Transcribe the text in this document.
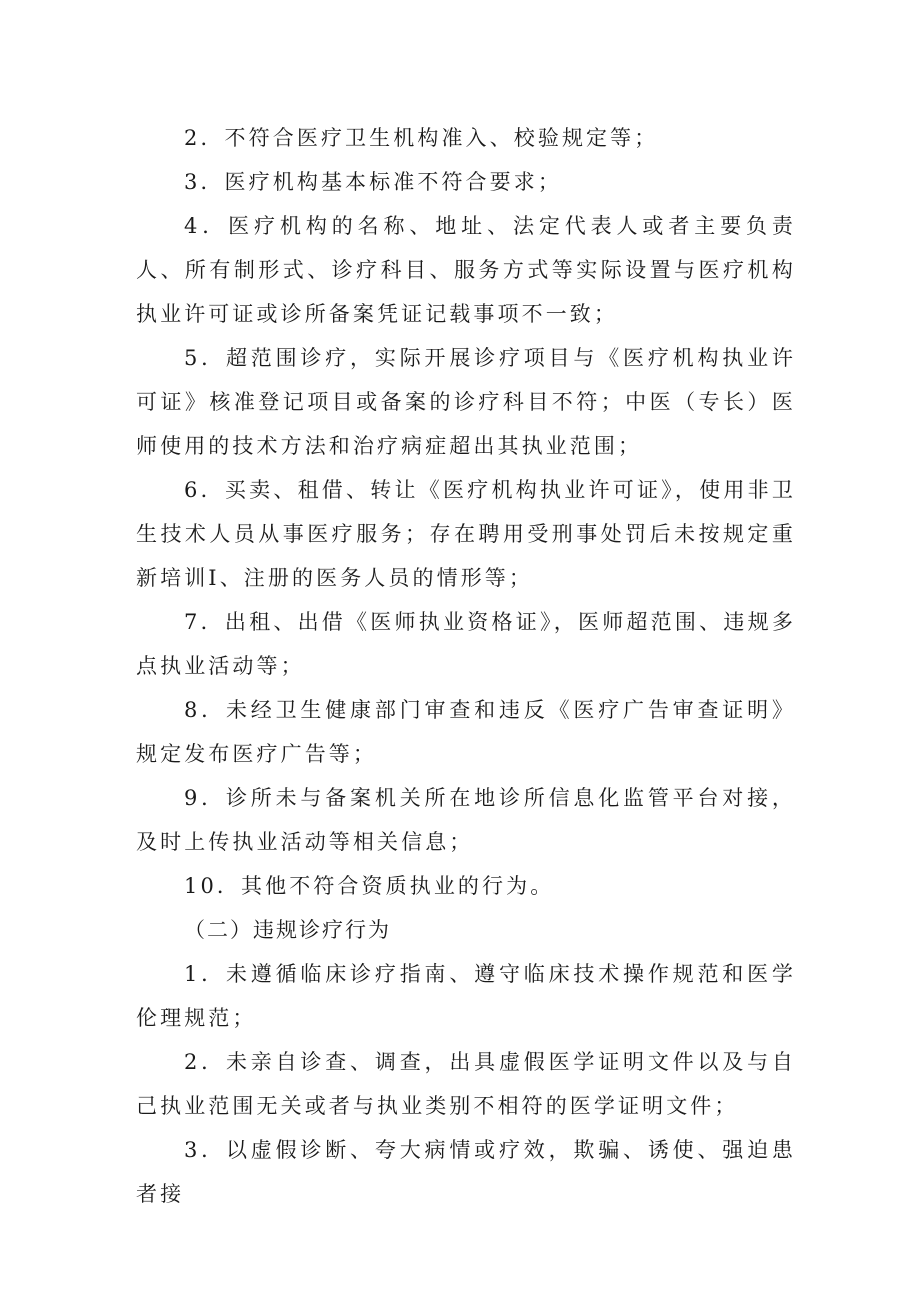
2．不符合医疗卫生机构准入、校验规定等；

3．医疗机构基本标准不符合要求；

4．医疗机构的名称、地址、法定代表人或者主要负责人、所有制形式、诊疗科目、服务方式等实际设置与医疗机构执业许可证或诊所备案凭证记载事项不一致；

5．超范围诊疗，实际开展诊疗项目与《医疗机构执业许可证》核准登记项目或备案的诊疗科目不符；中医（专长）医师使用的技术方法和治疗病症超出其执业范围；

6．买卖、租借、转让《医疗机构执业许可证》，使用非卫生技术人员从事医疗服务；存在聘用受刑事处罚后未按规定重新培训I、注册的医务人员的情形等；

7．出租、出借《医师执业资格证》，医师超范围、违规多点执业活动等；

8．未经卫生健康部门审查和违反《医疗广告审查证明》规定发布医疗广告等；

9．诊所未与备案机关所在地诊所信息化监管平台对接，及时上传执业活动等相关信息；

10．其他不符合资质执业的行为。

（二）违规诊疗行为

1．未遵循临床诊疗指南、遵守临床技术操作规范和医学伦理规范；

2．未亲自诊查、调查，出具虚假医学证明文件以及与自己执业范围无关或者与执业类别不相符的医学证明文件；

3．以虚假诊断、夸大病情或疗效，欺骗、诱使、强迫患者接
